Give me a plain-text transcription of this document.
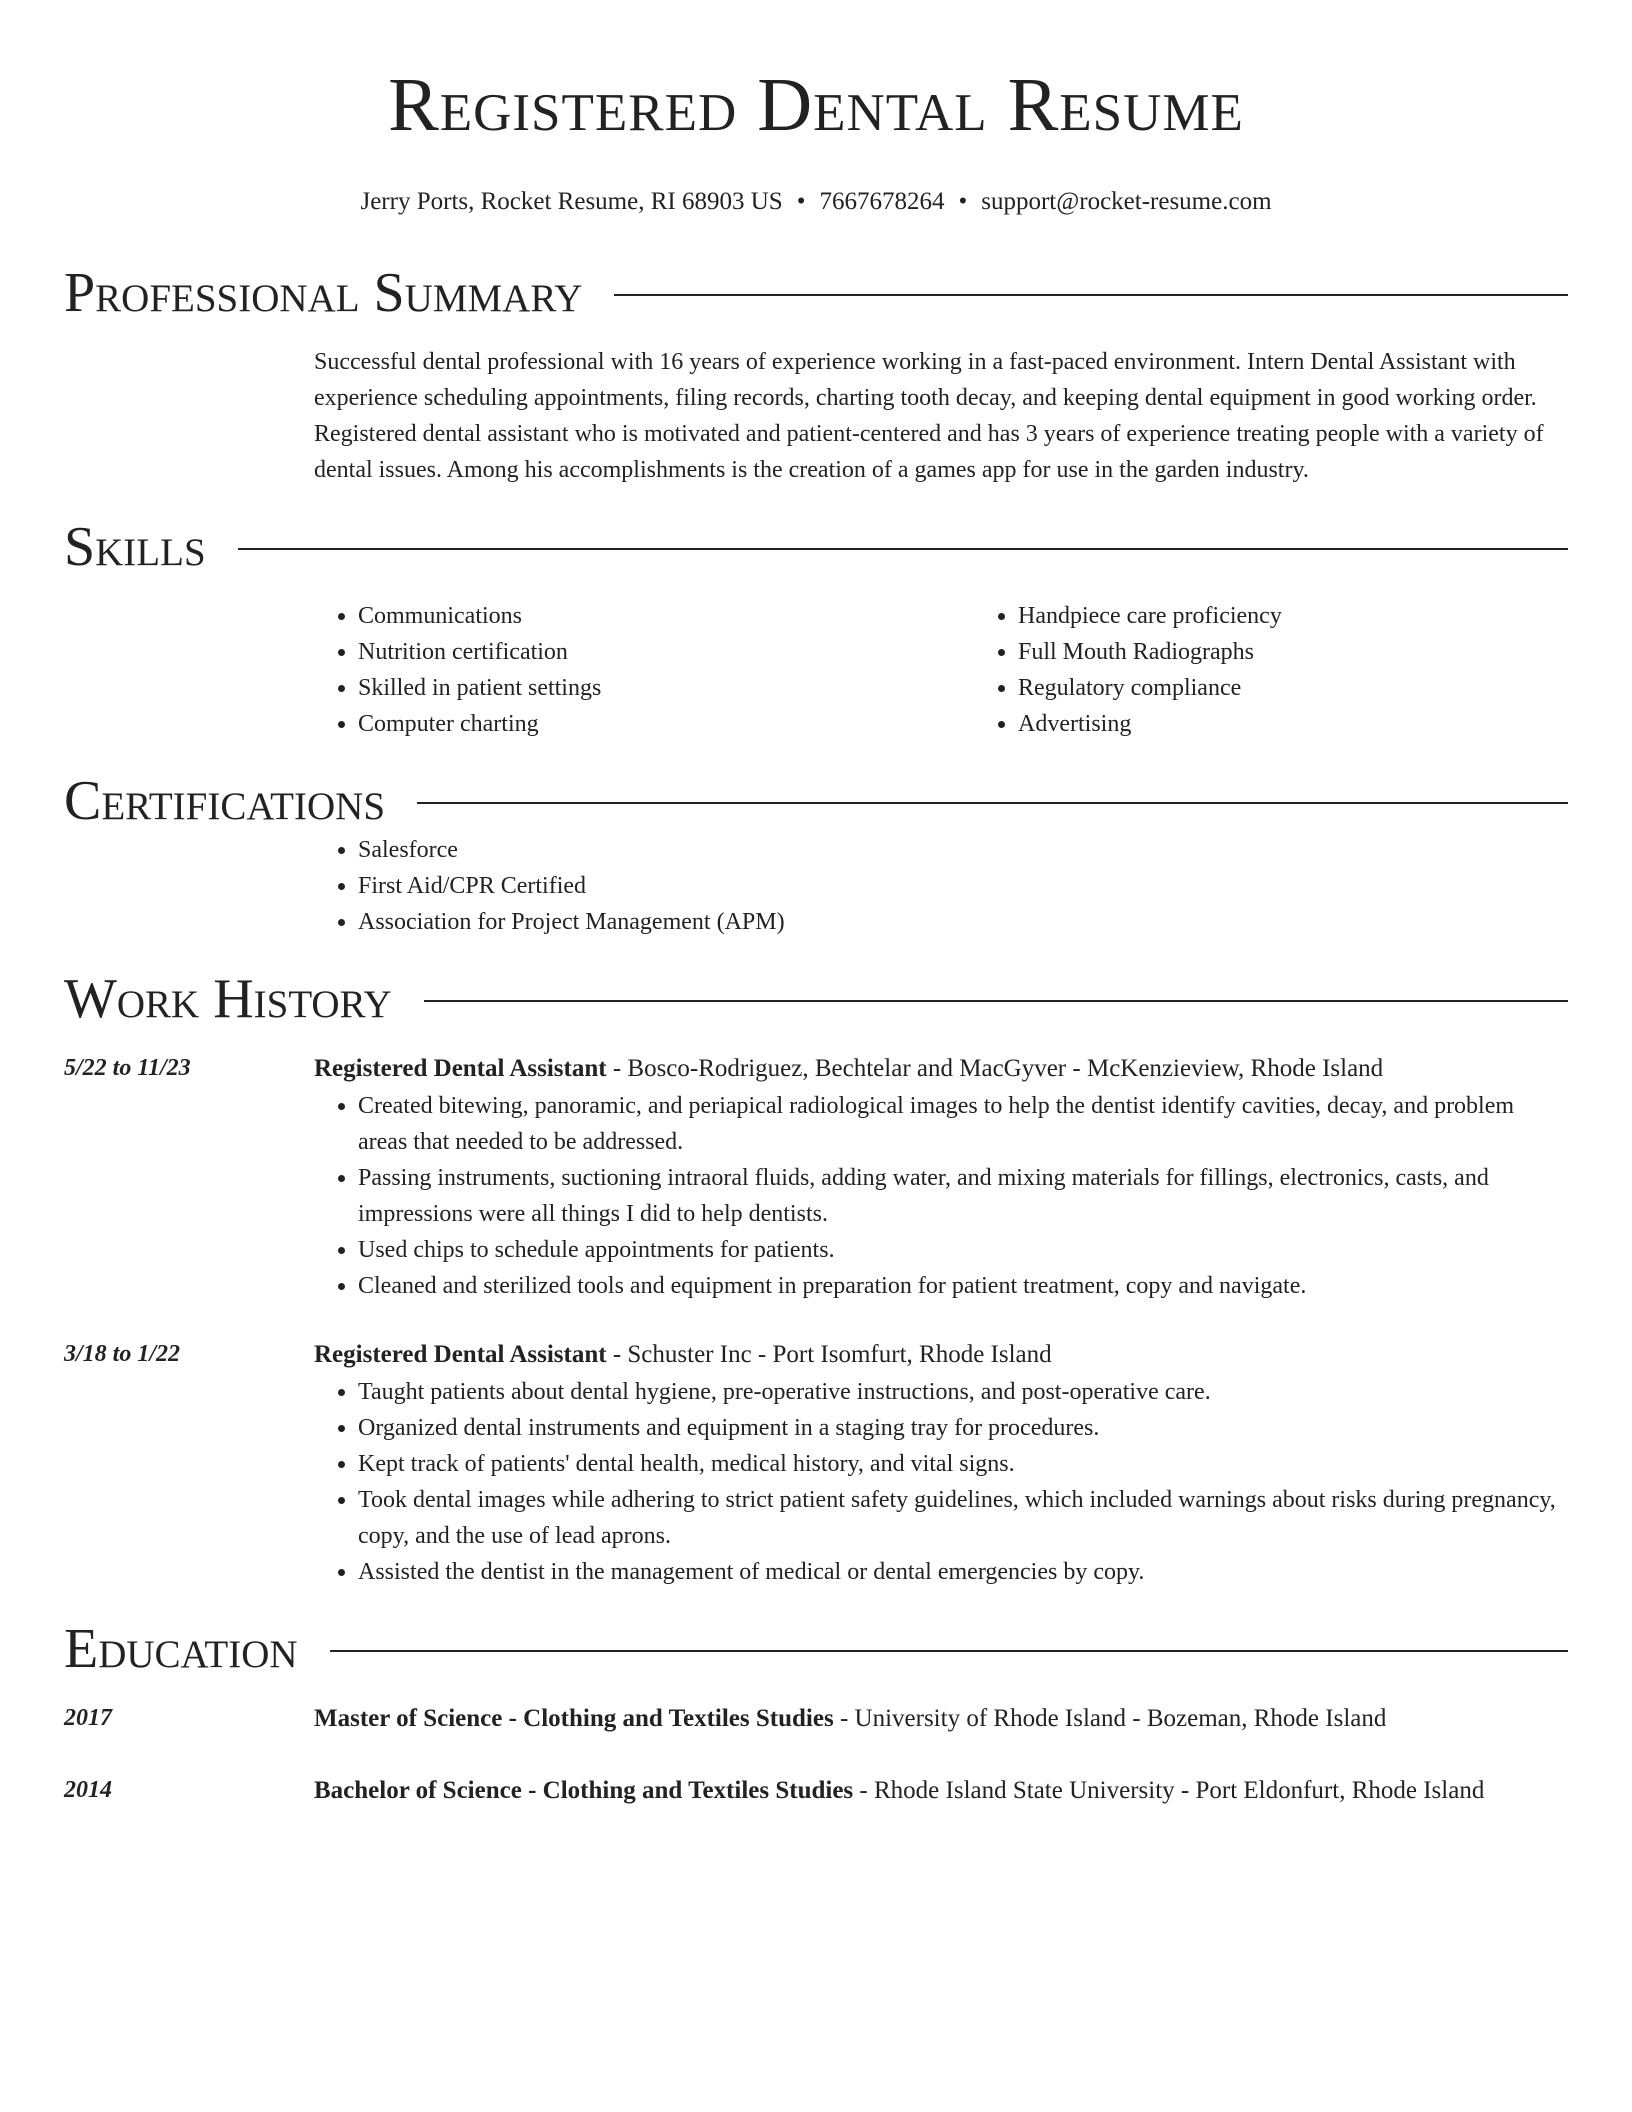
Registered Dental Resume
Jerry Ports, Rocket Resume, RI 68903 US • 7667678264 • support@rocket-resume.com
Professional Summary

Successful dental professional with 16 years of experience working in a fast-paced environment. Intern Dental Assistant with experience scheduling appointments, filing records, charting tooth decay, and keeping dental equipment in good working order. Registered dental assistant who is motivated and patient-centered and has 3 years of experience treating people with a variety of dental issues. Among his accomplishments is the creation of a games app for use in the garden industry.

Skills
• Communications
• Nutrition certification
• Skilled in patient settings
• Computer charting
• Handpiece care proficiency
• Full Mouth Radiographs
• Regulatory compliance
• Advertising
Certifications
• Salesforce
• First Aid/CPR Certified
• Association for Project Management (APM)
Work History
5/22 to 11/23	Registered Dental Assistant - Bosco-Rodriguez, Bechtelar and MacGyver - McKenzieview, Rhode Island
• Created bitewing, panoramic, and periapical radiological images to help the dentist identify cavities, decay, and problem areas that needed to be addressed.
• Passing instruments, suctioning intraoral fluids, adding water, and mixing materials for fillings, electronics, casts, and impressions were all things I did to help dentists.
• Used chips to schedule appointments for patients.
• Cleaned and sterilized tools and equipment in preparation for patient treatment, copy and navigate.
3/18 to 1/22	Registered Dental Assistant - Schuster Inc - Port Isomfurt, Rhode Island
• Taught patients about dental hygiene, pre-operative instructions, and post-operative care.
• Organized dental instruments and equipment in a staging tray for procedures.
• Kept track of patients' dental health, medical history, and vital signs.
• Took dental images while adhering to strict patient safety guidelines, which included warnings about risks during pregnancy, copy, and the use of lead aprons.
• Assisted the dentist in the management of medical or dental emergencies by copy.
Education
2017	Master of Science - Clothing and Textiles Studies - University of Rhode Island - Bozeman, Rhode Island
2014	Bachelor of Science - Clothing and Textiles Studies - Rhode Island State University - Port Eldonfurt, Rhode Island
